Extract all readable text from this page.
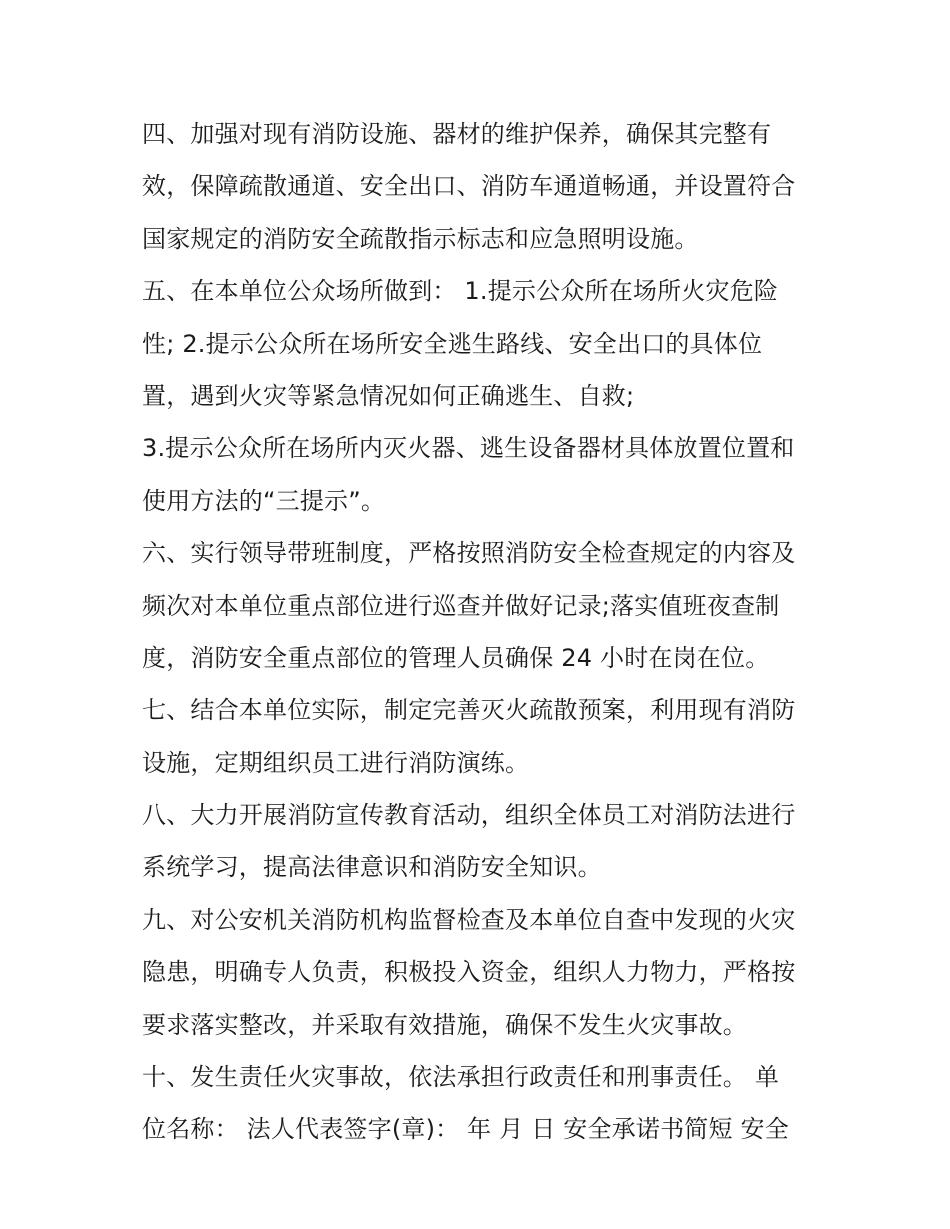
四、加强对现有消防设施、器材的维护保养，确保其完整有
效，保障疏散通道、安全出口、消防车通道畅通，并设置符合
国家规定的消防安全疏散指示标志和应急照明设施。
五、在本单位公众场所做到： 1.提示公众所在场所火灾危险
性; 2.提示公众所在场所安全逃生路线、安全出口的具体位
置，遇到火灾等紧急情况如何正确逃生、自救;
3.提示公众所在场所内灭火器、逃生设备器材具体放置位置和
使用方法的“三提示”。
六、实行领导带班制度，严格按照消防安全检查规定的内容及
频次对本单位重点部位进行巡查并做好记录;落实值班夜查制
度，消防安全重点部位的管理人员确保 24 小时在岗在位。
七、结合本单位实际，制定完善灭火疏散预案，利用现有消防
设施，定期组织员工进行消防演练。
八、大力开展消防宣传教育活动，组织全体员工对消防法进行
系统学习，提高法律意识和消防安全知识。
九、对公安机关消防机构监督检查及本单位自查中发现的火灾
隐患，明确专人负责，积极投入资金，组织人力物力，严格按
要求落实整改，并采取有效措施，确保不发生火灾事故。
十、发生责任火灾事故，依法承担行政责任和刑事责任。 单
位名称： 法人代表签字(章)： 年 月 日 安全承诺书简短 安全
